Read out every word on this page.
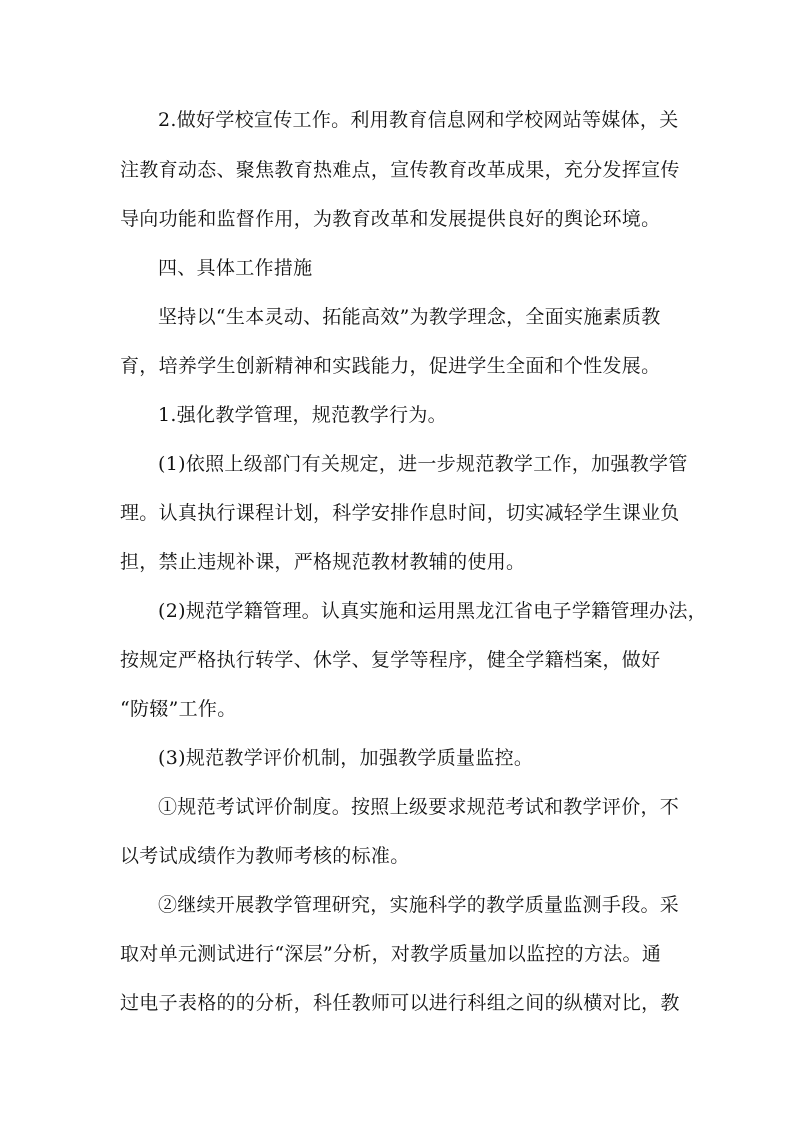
2.做好学校宣传工作。利用教育信息网和学校网站等媒体，关
注教育动态、聚焦教育热难点，宣传教育改革成果，充分发挥宣传
导向功能和监督作用，为教育改革和发展提供良好的舆论环境。
四、具体工作措施
坚持以“生本灵动、拓能高效”为教学理念，全面实施素质教
育，培养学生创新精神和实践能力，促进学生全面和个性发展。
1.强化教学管理，规范教学行为。
(1)依照上级部门有关规定，进一步规范教学工作，加强教学管
理。认真执行课程计划，科学安排作息时间，切实减轻学生课业负
担，禁止违规补课，严格规范教材教辅的使用。
(2)规范学籍管理。认真实施和运用黑龙江省电子学籍管理办法，
按规定严格执行转学、休学、复学等程序，健全学籍档案，做好
“防辍”工作。
(3)规范教学评价机制，加强教学质量监控。
①规范考试评价制度。按照上级要求规范考试和教学评价，不
以考试成绩作为教师考核的标准。
②继续开展教学管理研究，实施科学的教学质量监测手段。采
取对单元测试进行“深层”分析，对教学质量加以监控的方法。通
过电子表格的的分析，科任教师可以进行科组之间的纵横对比，教
